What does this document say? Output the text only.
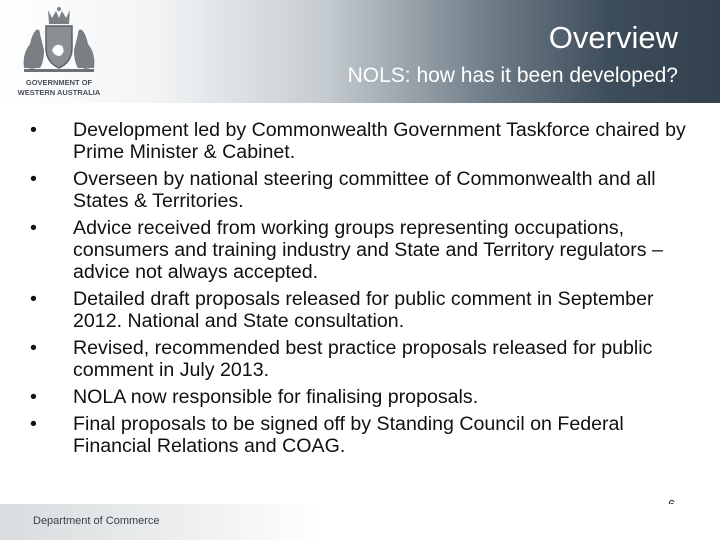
GOVERNMENT OF
WESTERN AUSTRALIA
Overview
NOLS: how has it been developed?
• Development led by Commonwealth Government Taskforce chaired by Prime Minister & Cabinet.
• Overseen by national steering committee of Commonwealth and all States & Territories.
• Advice received from working groups representing occupations, consumers and training industry and State and Territory regulators – advice not always accepted.
• Detailed draft proposals released for public comment in September 2012. National and State consultation.
• Revised, recommended best practice proposals released for public comment in July 2013.
• NOLA now responsible for finalising proposals.
• Final proposals to be signed off by Standing Council on Federal Financial Relations and COAG.
Department of Commerce
